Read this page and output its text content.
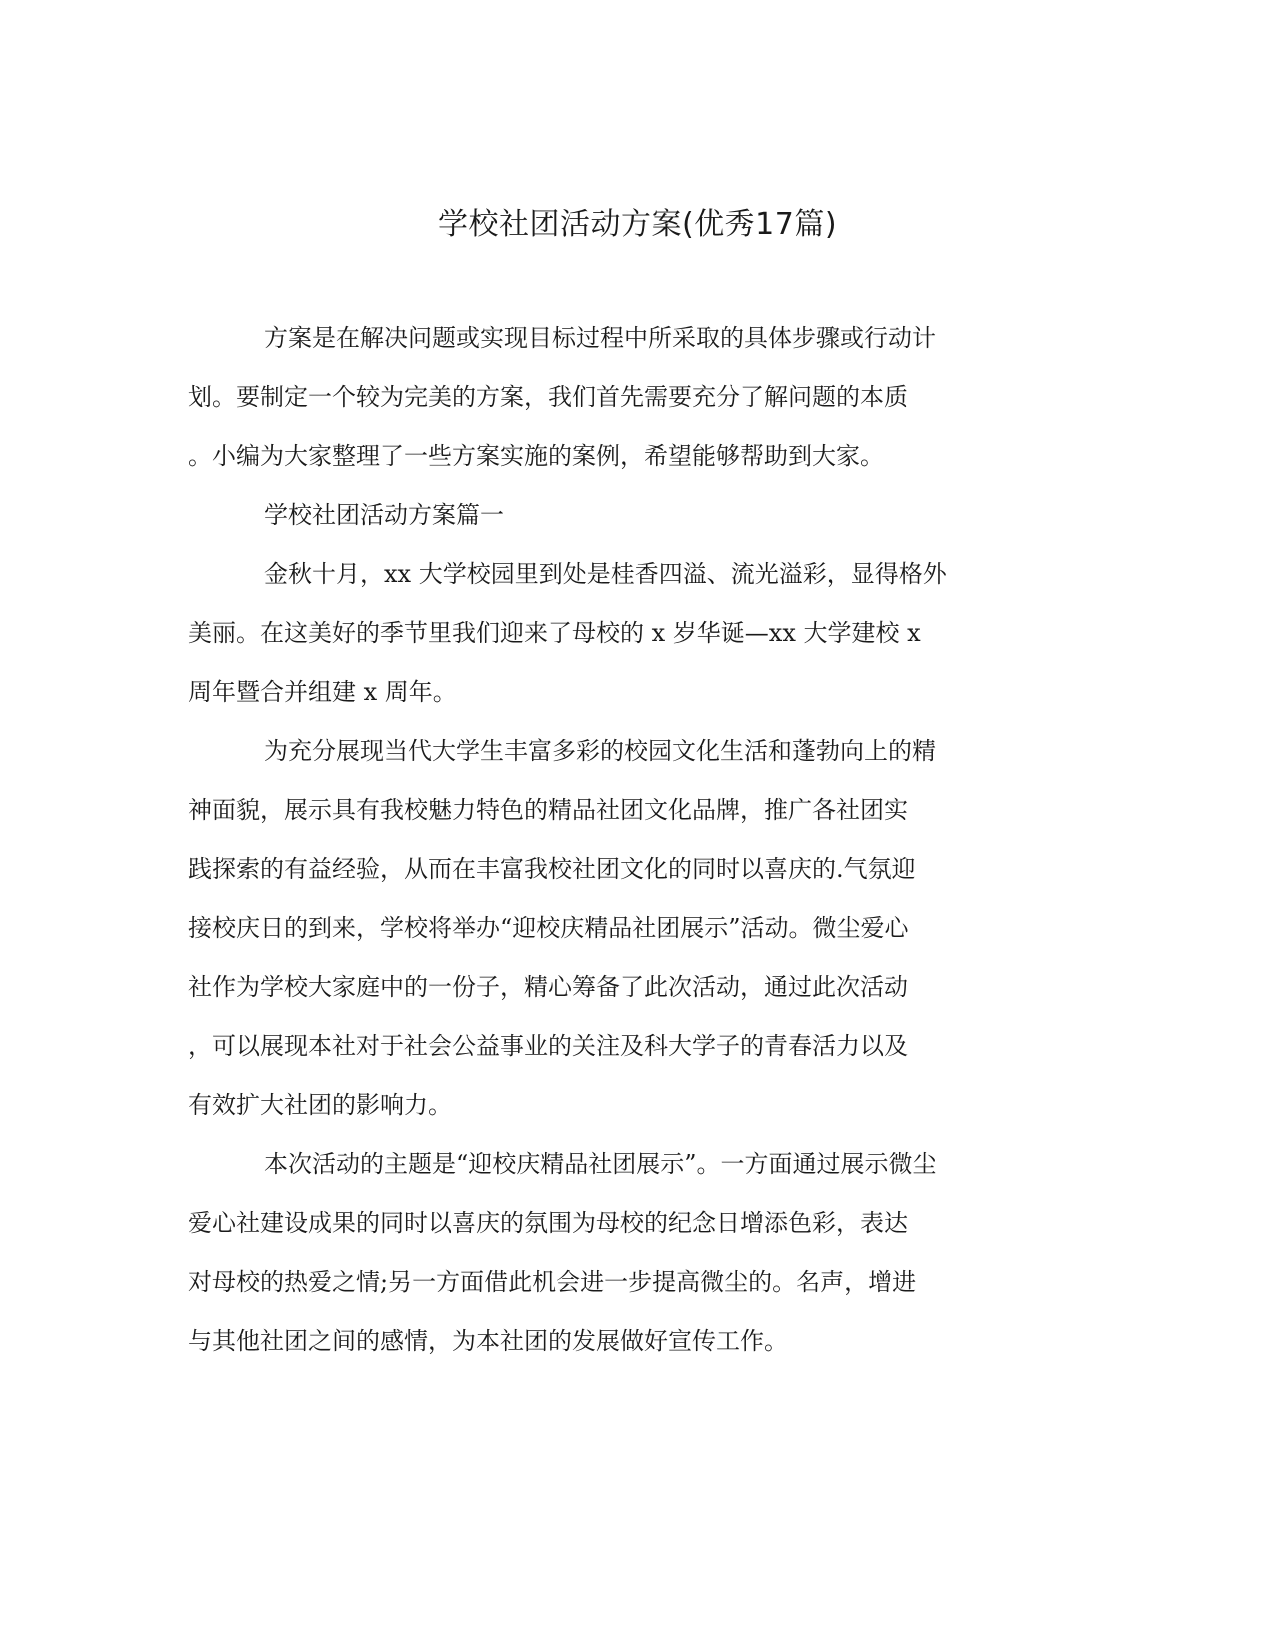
学校社团活动方案(优秀17篇)
方案是在解决问题或实现目标过程中所采取的具体步骤或行动计
划。要制定一个较为完美的方案，我们首先需要充分了解问题的本质
。小编为大家整理了一些方案实施的案例，希望能够帮助到大家。
学校社团活动方案篇一
金秋十月，xx 大学校园里到处是桂香四溢、流光溢彩，显得格外
美丽。在这美好的季节里我们迎来了母校的 x 岁华诞—xx 大学建校 x
周年暨合并组建 x 周年。
为充分展现当代大学生丰富多彩的校园文化生活和蓬勃向上的精
神面貌，展示具有我校魅力特色的精品社团文化品牌，推广各社团实
践探索的有益经验，从而在丰富我校社团文化的同时以喜庆的.气氛迎
接校庆日的到来，学校将举办“迎校庆精品社团展示”活动。微尘爱心
社作为学校大家庭中的一份子，精心筹备了此次活动，通过此次活动
，可以展现本社对于社会公益事业的关注及科大学子的青春活力以及
有效扩大社团的影响力。
本次活动的主题是“迎校庆精品社团展示”。一方面通过展示微尘
爱心社建设成果的同时以喜庆的氛围为母校的纪念日增添色彩，表达
对母校的热爱之情;另一方面借此机会进一步提高微尘的。名声，增进
与其他社团之间的感情，为本社团的发展做好宣传工作。
